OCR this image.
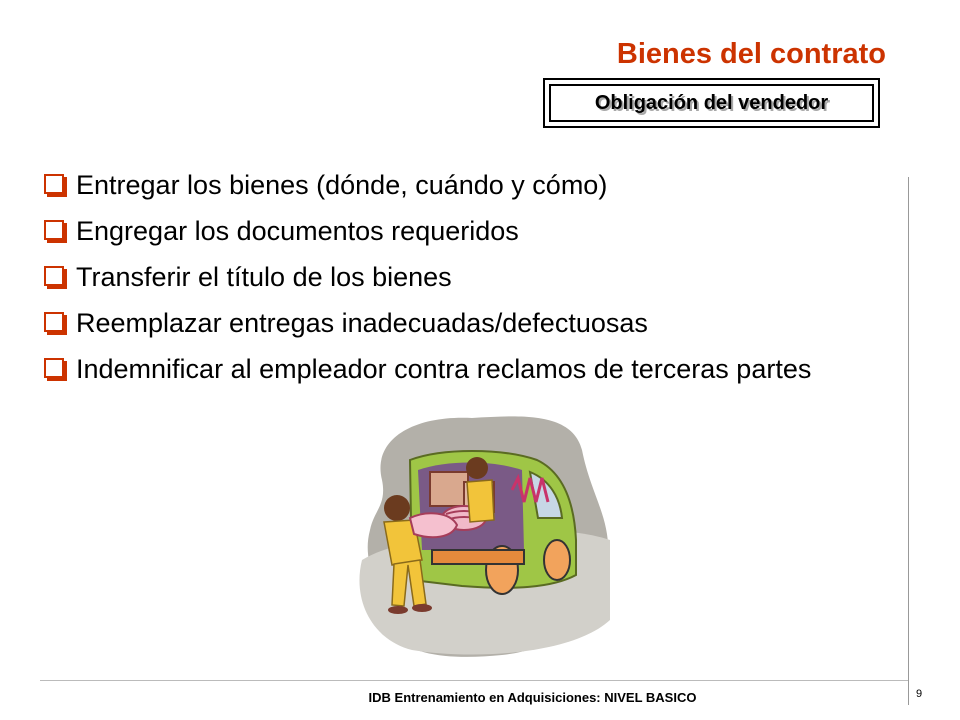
Bienes del contrato
Obligación del vendedor
Entregar los bienes (dónde, cuándo y cómo)
Engregar los documentos requeridos
Transferir el título de los bienes
Reemplazar entregas inadecuadas/defectuosas
Indemnificar al empleador contra reclamos de terceras partes
IDB Entrenamiento en Adquisiciones: NIVEL BASICO	9
